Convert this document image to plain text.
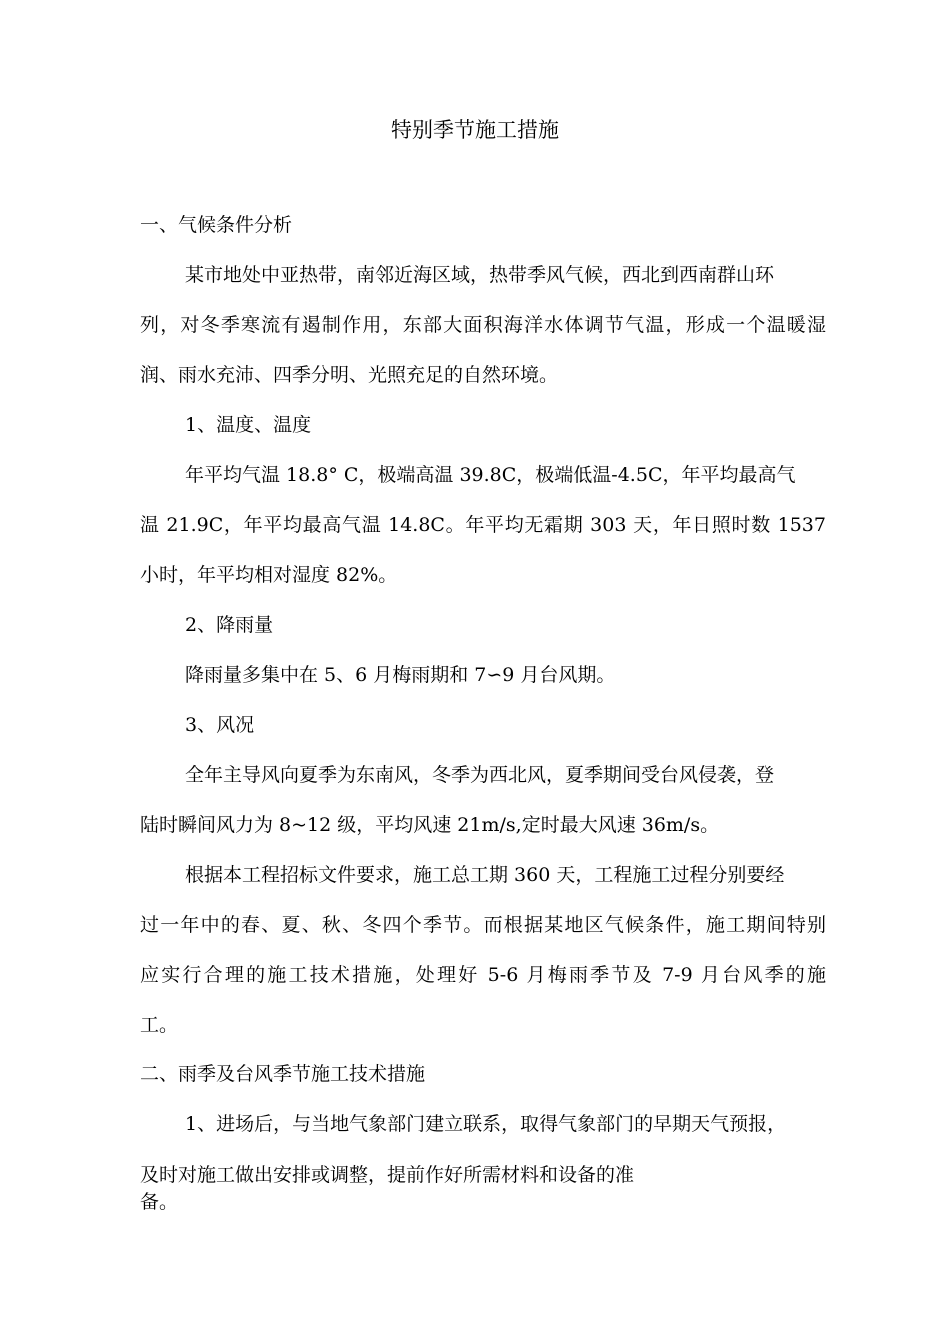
特别季节施工措施
一、气候条件分析
某市地处中亚热带，南邻近海区域，热带季风气候，西北到西南群山环
列，对冬季寒流有遏制作用，东部大面积海洋水体调节气温，形成一个温暖湿
润、雨水充沛、四季分明、光照充足的自然环境。
1、温度、温度
年平均气温 18.8° C，极端高温 39.8C，极端低温-4.5C，年平均最高气
温 21.9C，年平均最高气温 14.8C。年平均无霜期 303 天，年日照时数 1537
小时，年平均相对湿度 82%。
2、降雨量
降雨量多集中在 5、6 月梅雨期和 7∽9 月台风期。
3、风况
全年主导风向夏季为东南风，冬季为西北风，夏季期间受台风侵袭，登
陆时瞬间风力为 8~12 级，平均风速 21m/s,定时最大风速 36m/s。
根据本工程招标文件要求，施工总工期 360 天，工程施工过程分别要经
过一年中的春、夏、秋、冬四个季节。而根据某地区气候条件，施工期间特别
应实行合理的施工技术措施，处理好 5-6 月梅雨季节及 7-9 月台风季的施
工。
二、雨季及台风季节施工技术措施
1、进场后，与当地气象部门建立联系，取得气象部门的早期天气预报，
及时对施工做出安排或调整，提前作好所需材料和设备的准
备。
